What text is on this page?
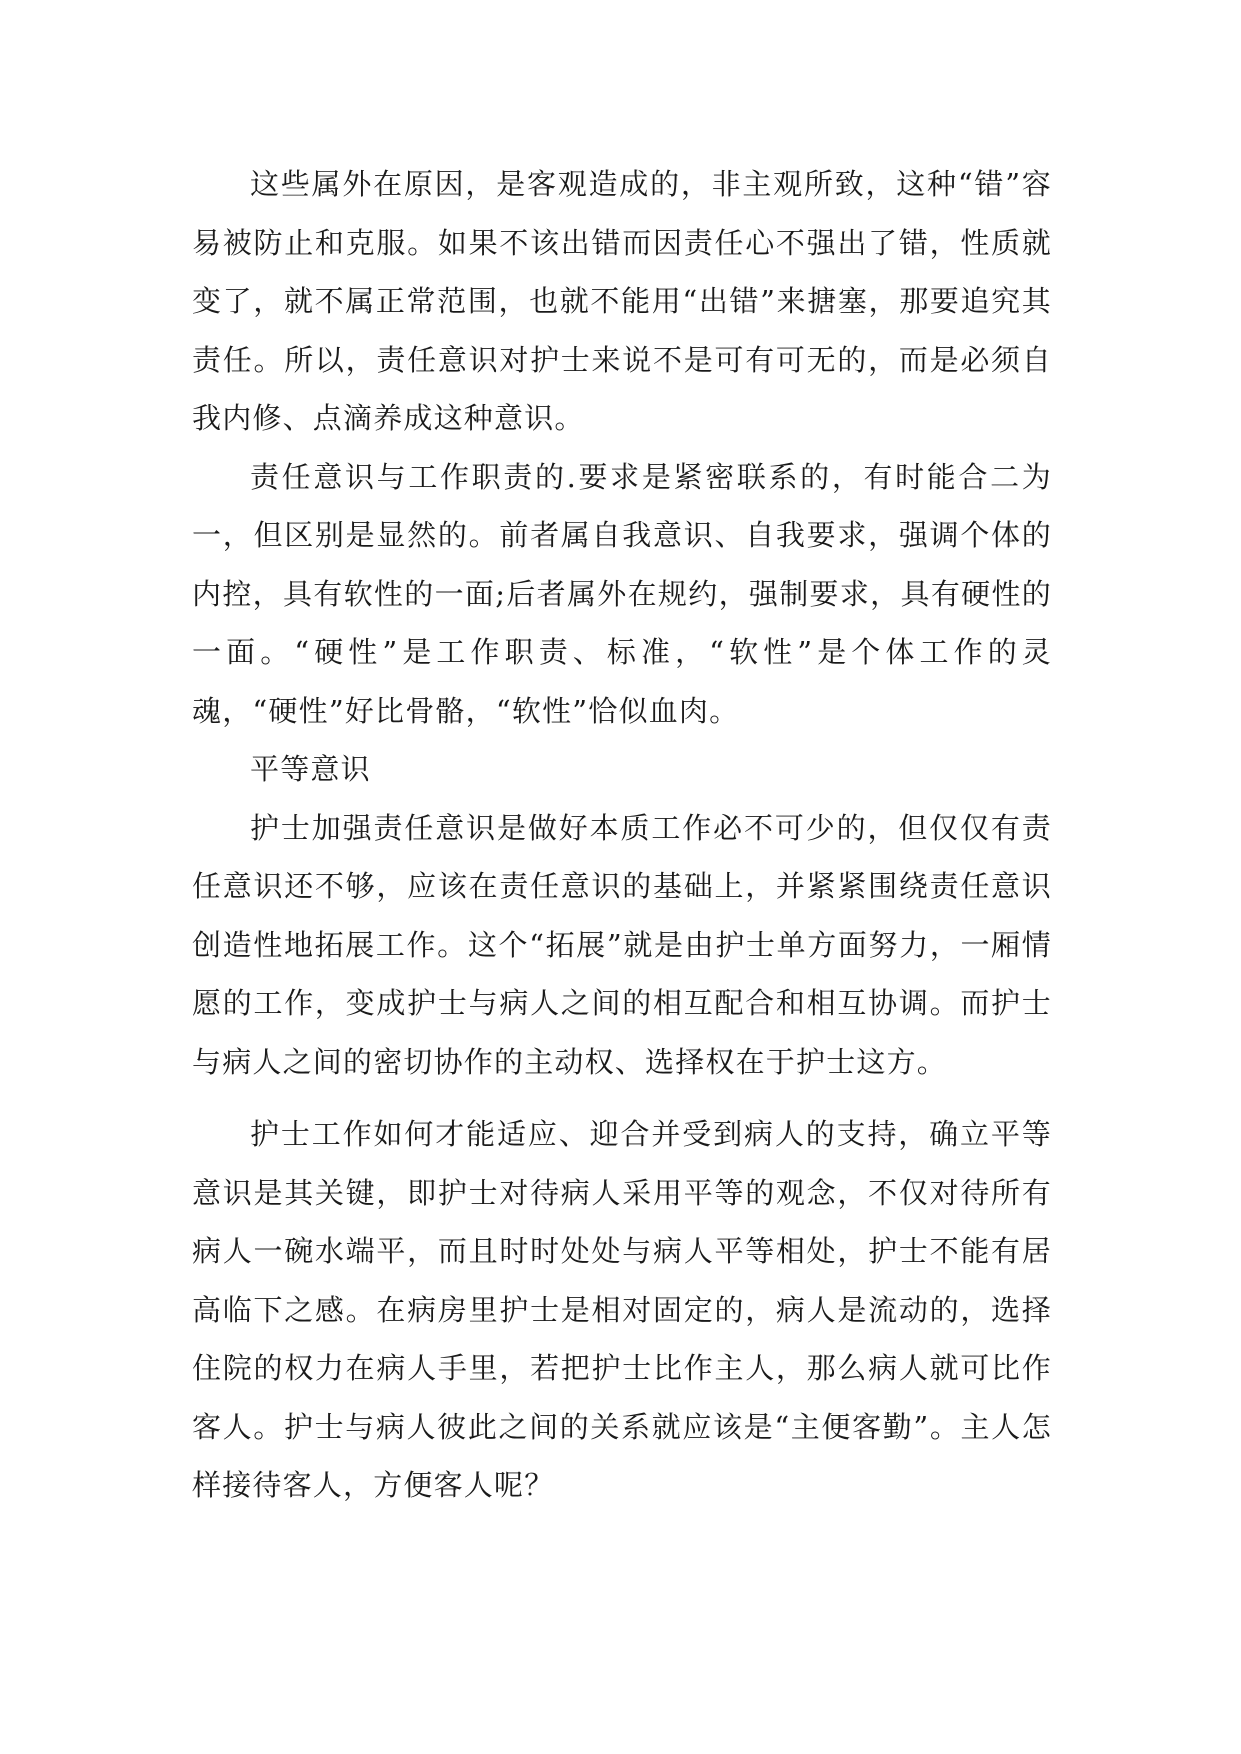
这些属外在原因，是客观造成的，非主观所致，这种“错”容易被防止和克服。如果不该出错而因责任心不强出了错，性质就变了，就不属正常范围，也就不能用“出错”来搪塞，那要追究其责任。所以，责任意识对护士来说不是可有可无的，而是必须自我内修、点滴养成这种意识。

责任意识与工作职责的.要求是紧密联系的，有时能合二为一，但区别是显然的。前者属自我意识、自我要求，强调个体的内控，具有软性的一面;后者属外在规约，强制要求，具有硬性的一面。“硬性”是工作职责、标准，“软性”是个体工作的灵魂，“硬性”好比骨骼，“软性”恰似血肉。

平等意识

护士加强责任意识是做好本质工作必不可少的，但仅仅有责任意识还不够，应该在责任意识的基础上，并紧紧围绕责任意识创造性地拓展工作。这个“拓展”就是由护士单方面努力，一厢情愿的工作，变成护士与病人之间的相互配合和相互协调。而护士与病人之间的密切协作的主动权、选择权在于护士这方。

护士工作如何才能适应、迎合并受到病人的支持，确立平等意识是其关键，即护士对待病人采用平等的观念，不仅对待所有病人一碗水端平，而且时时处处与病人平等相处，护士不能有居高临下之感。在病房里护士是相对固定的，病人是流动的，选择住院的权力在病人手里，若把护士比作主人，那么病人就可比作客人。护士与病人彼此之间的关系就应该是“主便客勤”。主人怎样接待客人，方便客人呢？
